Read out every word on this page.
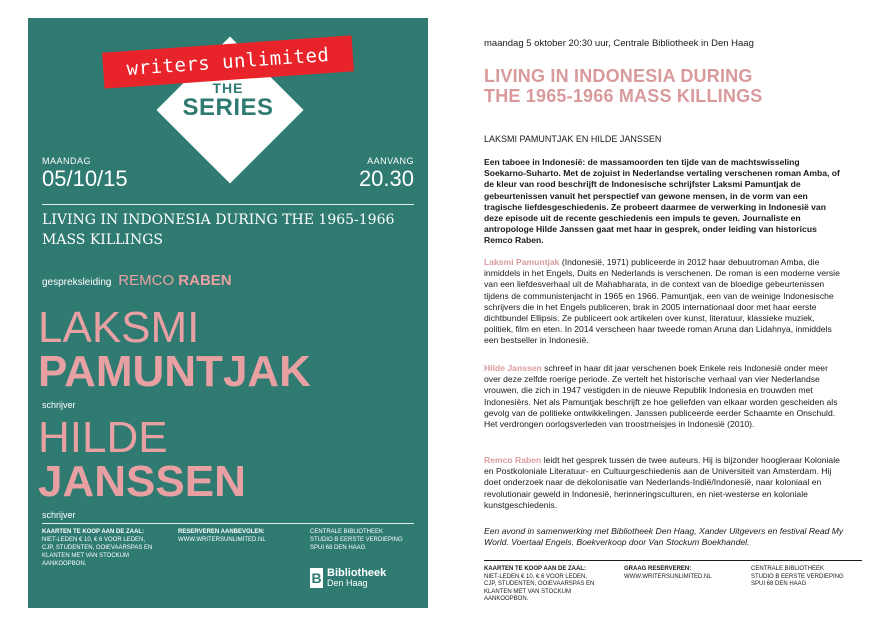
THE
SERIES
writers unlimited
MAANDAG
05/10/15
AANVANG
20.30
LIVING IN INDONESIA DURING THE 1965-1966
MASS KILLINGS
gespreksleiding REMCO RABEN
LAKSMI
PAMUNTJAK
schrijver
HILDE
JANSSEN
schrijver
KAARTEN TE KOOP AAN DE ZAAL:
NIET-LEDEN € 10, € 6 VOOR LEDEN,
CJP, STUDENTEN, OOIEVAARSPAS EN
KLANTEN MET VAN STOCKUM AANKOOPBON.
RESERVEREN AANBEVOLEN:
WWW.WRITERSUNLIMITED.NL
CENTRALE BIBLIOTHEEK
STUDIO B EERSTE VERDIEPING
SPUI 68 DEN HAAG
B Bibliotheek
Den Haag
maandag 5 oktober 20:30 uur, Centrale Bibliotheek in Den Haag
LIVING IN INDONESIA DURING
THE 1965-1966 MASS KILLINGS
LAKSMI PAMUNTJAK EN HILDE JANSSEN

Een taboee in Indonesië: de massamoorden ten tijde van de machtswisseling Soekarno-Suharto. Met de zojuist in Nederlandse vertaling verschenen roman Amba, of de kleur van rood beschrijft de Indonesische schrijfster Laksmi Pamuntjak de gebeurtenissen vanuit het perspectief van gewone mensen, in de vorm van een tragische liefdesgeschiedenis. Ze probeert daarmee de verwerking in Indonesië van deze episode uit de recente geschiedenis een impuls te geven. Journaliste en antropologe Hilde Janssen gaat met haar in gesprek, onder leiding van historicus Remco Raben.

Laksmi Pamuntjak (Indonesië, 1971) publiceerde in 2012 haar debuutroman Amba, die inmiddels in het Engels, Duits en Nederlands is verschenen. De roman is een moderne versie van een liefdesverhaal uit de Mahabharata, in de context van de bloedige gebeurtenissen tijdens de communistenjacht in 1965 en 1966. Pamuntjak, een van de weinige Indonesische schrijvers die in het Engels publiceren, brak in 2005 internationaal door met haar eerste dichtbundel Ellipsis. Ze publiceert ook artikelen over kunst, literatuur, klassieke muziek, politiek, film en eten. In 2014 verscheen haar tweede roman Aruna dan Lidahnya, inmiddels een bestseller in Indonesië.

Hilde Janssen schreef in haar dit jaar verschenen boek Enkele reis Indonesië onder meer over deze zelfde roerige periode. Ze vertelt het historische verhaal van vier Nederlandse vrouwen, die zich in 1947 vestigden in de nieuwe Republik Indonesia en trouwden met Indonesiërs. Net als Pamuntjak beschrijft ze hoe geliefden van elkaar worden gescheiden als gevolg van de politieke ontwikkelingen. Janssen publiceerde eerder Schaamte en Onschuld. Het verdrongen oorlogsverleden van troostmeisjes in Indonesië (2010).

Remco Raben leidt het gesprek tussen de twee auteurs. Hij is bijzonder hoogleraar Koloniale en Postkoloniale Literatuur- en Cultuurgeschiedenis aan de Universiteit van Amsterdam. Hij doet onderzoek naar de dekolonisatie van Nederlands-Indië/Indonesië, naar koloniaal en revolutionair geweld in Indonesië, herinneringsculturen, en niet-westerse en koloniale kunstgeschiedenis.

Een avond in samenwerking met Bibliotheek Den Haag, Xander Uitgevers en festival Read My World. Voertaal Engels. Boekverkoop door Van Stockum Boekhandel.

KAARTEN TE KOOP AAN DE ZAAL:
NIET-LEDEN € 10, € 6 VOOR LEDEN,
CJP, STUDENTEN, OOIEVAARSPAS EN
KLANTEN MET VAN STOCKUM AANKOOPBON.
GRAAG RESERVEREN:
WWW.WRITERSUNLIMITED.NL
CENTRALE BIBLIOTHEEK
STUDIO B EERSTE VERDIEPING
SPUI 68 DEN HAAG
